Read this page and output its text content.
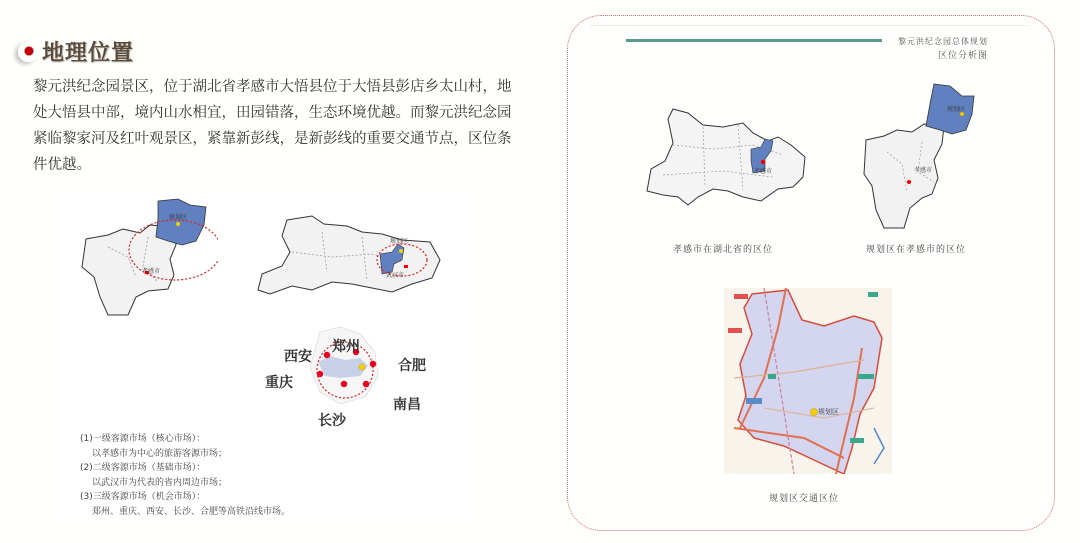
地理位置

黎元洪纪念园景区，位于湖北省孝感市大悟县位于大悟县彭店乡太山村，地处大悟县中部，境内山水相宜，田园错落，生态环境优越。而黎元洪纪念园紧临黎家河及红叶观景区，紧靠新彭线，是新彭线的重要交通节点，区位条件优越。

规划区
孝感市
规划区
武汉市
郑州
西安
合肥
重庆
南昌
长沙
(1)一级客源市场（核心市场）：
以孝感市为中心的旅游客源市场；
(2)二级客源市场（基础市场）：
以武汉市为代表的省内周边市场；
(3)三级客源市场（机会市场）：
郑州、重庆、西安、长沙、合肥等高铁沿线市场。
黎元洪纪念园总体规划
区位分析图
孝感市
孝感市在湖北省的区位
规划区
孝感市
规划区在孝感市的区位
规划区
规划区交通区位
